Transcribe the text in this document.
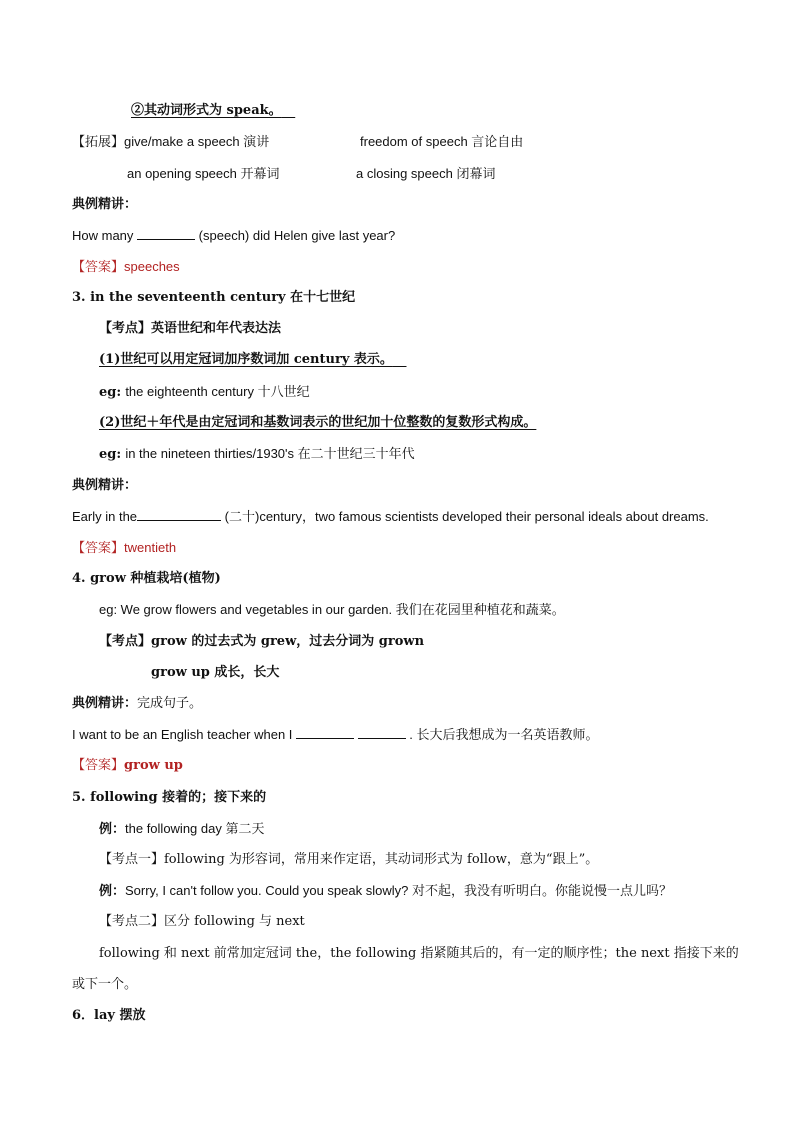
②其动词形式为 speak。
【拓展】give/make a speech 演讲	freedom of speech 言论自由
an opening speech 开幕词	a closing speech 闭幕词
典例精讲：
How many	(speech) did Helen give last year?
【答案】speeches
3. in the seventeenth century 在十七世纪
【考点】英语世纪和年代表达法
(1)世纪可以用定冠词加序数词加 century 表示。
eg: the eighteenth century 十八世纪
(2)世纪＋年代是由定冠词和基数词表示的世纪加十位整数的复数形式构成。
eg: in the nineteen thirties/1930's 在二十世纪三十年代
典例精讲：
Early in the	(二十)century，two famous scientists developed their personal ideals about dreams.
【答案】twentieth
4. grow 种植栽培(植物)
eg: We grow flowers and vegetables in our garden. 我们在花园里种植花和蔬菜。
【考点】grow 的过去式为 grew，过去分词为 grown
grow up 成长，长大
典例精讲：完成句子。
I want to be an English teacher when I	. 长大后我想成为一名英语教师。
【答案】grow up
5. following 接着的；接下来的
例：the following day 第二天
【考点一】following 为形容词，常用来作定语，其动词形式为 follow，意为“跟上”。
例：Sorry, I can't follow you. Could you speak slowly? 对不起，我没有听明白。你能说慢一点儿吗？
【考点二】区分 following 与 next
following 和 next 前常加定冠词 the，the following 指紧随其后的，有一定的顺序性；the next 指接下来的
或下一个。
6．lay 摆放
